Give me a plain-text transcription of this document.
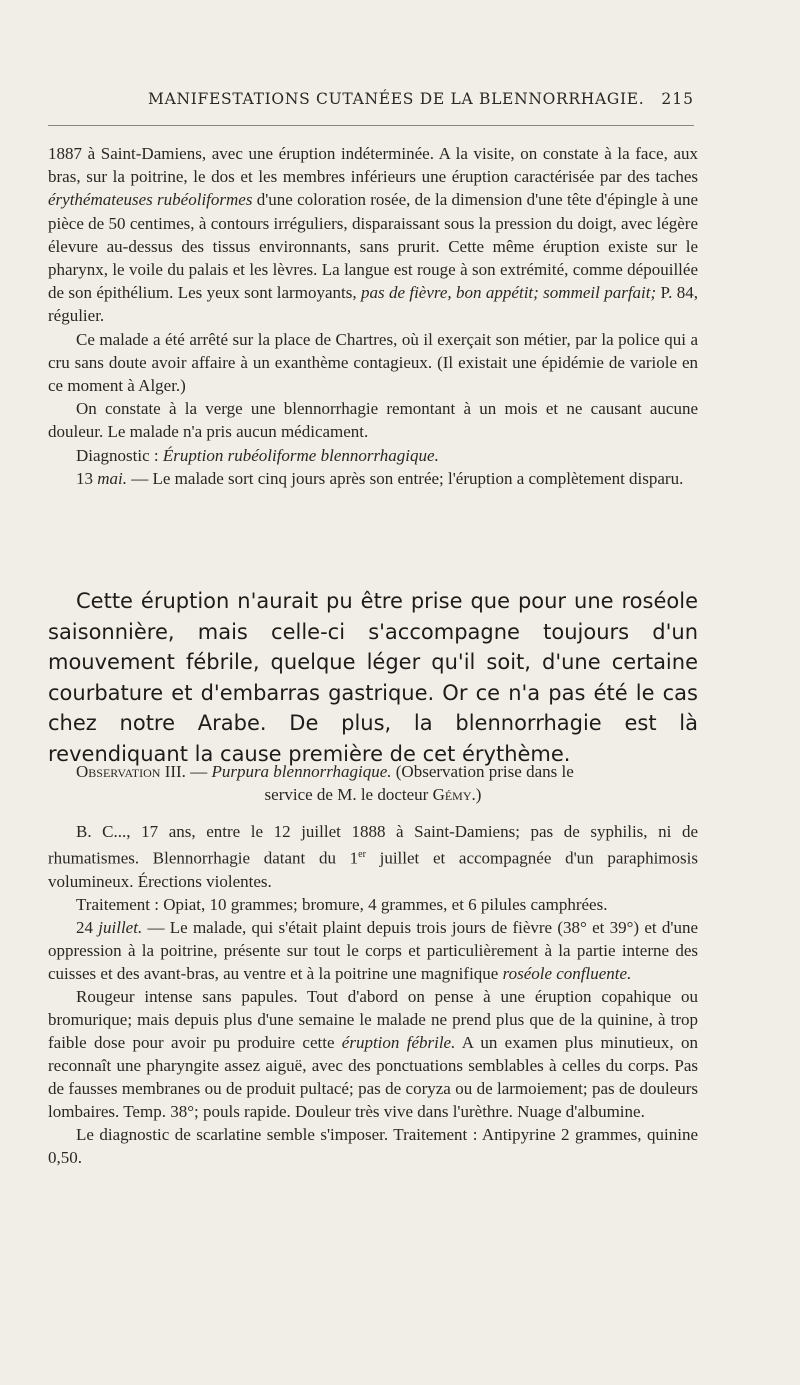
MANIFESTATIONS CUTANÉES DE LA BLENNORRHAGIE. 215

1887 à Saint-Damiens, avec une éruption indéterminée. A la visite, on constate à la face, aux bras, sur la poitrine, le dos et les membres inférieurs une éruption caractérisée par des taches érythémateuses rubéoliformes d'une coloration rosée, de la dimension d'une tête d'épingle à une pièce de 50 centimes, à contours irréguliers, disparaissant sous la pression du doigt, avec légère élevure au-dessus des tissus environnants, sans prurit. Cette même éruption existe sur le pharynx, le voile du palais et les lèvres. La langue est rouge à son extrémité, comme dépouillée de son épithélium. Les yeux sont larmoyants, pas de fièvre, bon appétit; sommeil parfait; P. 84, régulier.

Ce malade a été arrêté sur la place de Chartres, où il exerçait son métier, par la police qui a cru sans doute avoir affaire à un exanthème contagieux. (Il existait une épidémie de variole en ce moment à Alger.)

On constate à la verge une blennorrhagie remontant à un mois et ne causant aucune douleur. Le malade n'a pris aucun médicament.

Diagnostic : Éruption rubéoliforme blennorrhagique.

13 mai. — Le malade sort cinq jours après son entrée; l'éruption a complètement disparu.

Cette éruption n'aurait pu être prise que pour une roséole saisonnière, mais celle-ci s'accompagne toujours d'un mouvement fébrile, quelque léger qu'il soit, d'une certaine courbature et d'embarras gastrique. Or ce n'a pas été le cas chez notre Arabe. De plus, la blennorrhagie est là revendiquant la cause première de cet érythème.

Observation III. — Purpura blennorrhagique. (Observation prise dans le

service de M. le docteur Gémy.)

B. C..., 17 ans, entre le 12 juillet 1888 à Saint-Damiens; pas de syphilis, ni de rhumatismes. Blennorrhagie datant du 1er juillet et accompagnée d'un paraphimosis volumineux. Érections violentes.

Traitement : Opiat, 10 grammes; bromure, 4 grammes, et 6 pilules camphrées.

24 juillet. — Le malade, qui s'était plaint depuis trois jours de fièvre (38° et 39°) et d'une oppression à la poitrine, présente sur tout le corps et particulièrement à la partie interne des cuisses et des avant-bras, au ventre et à la poitrine une magnifique roséole confluente.

Rougeur intense sans papules. Tout d'abord on pense à une éruption copahique ou bromurique; mais depuis plus d'une semaine le malade ne prend plus que de la quinine, à trop faible dose pour avoir pu produire cette éruption fébrile. A un examen plus minutieux, on reconnaît une pharyngite assez aiguë, avec des ponctuations semblables à celles du corps. Pas de fausses membranes ou de produit pultacé; pas de coryza ou de larmoiement; pas de douleurs lombaires. Temp. 38°; pouls rapide. Douleur très vive dans l'urèthre. Nuage d'albumine.

Le diagnostic de scarlatine semble s'imposer. Traitement : Antipyrine 2 grammes, quinine 0,50.
